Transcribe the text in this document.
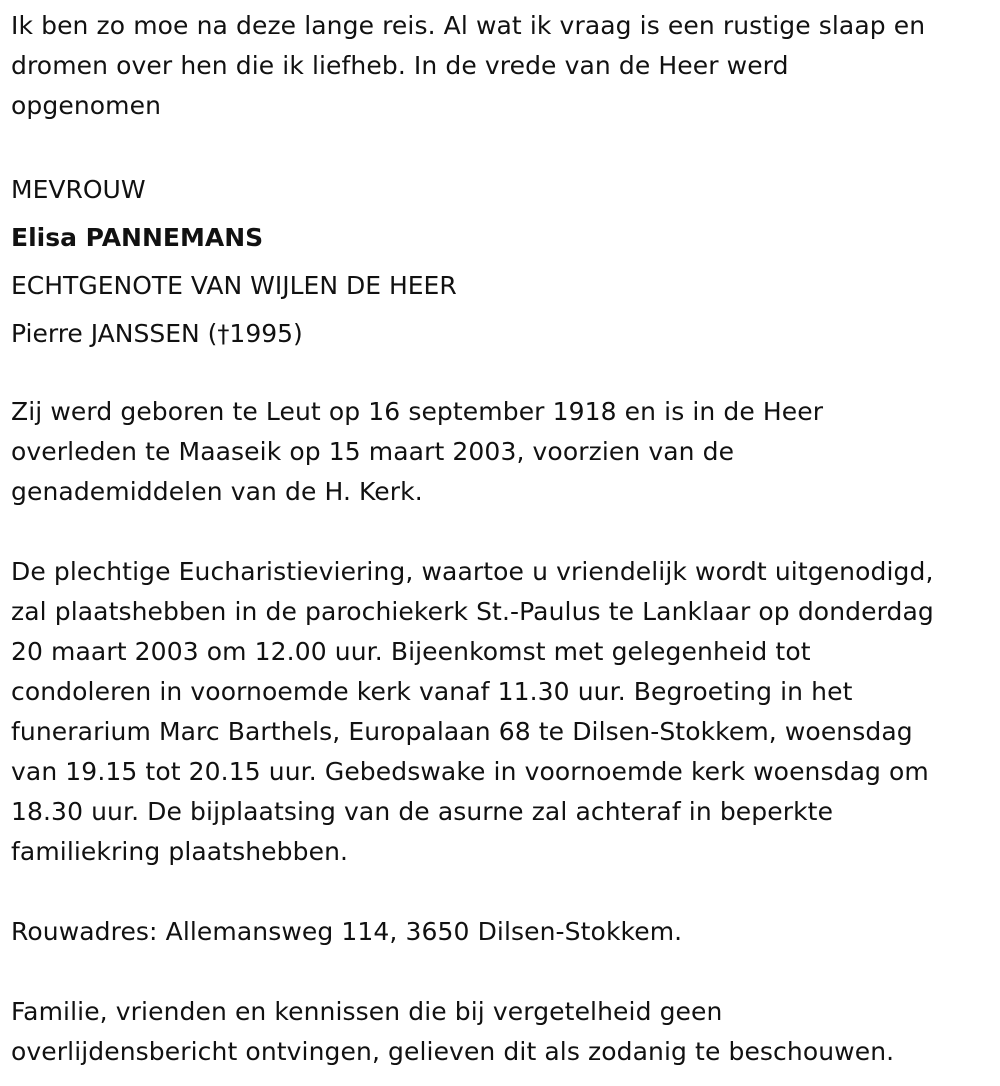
Ik ben zo moe na deze lange reis. Al wat ik vraag is een rustige slaap en
dromen over hen die ik liefheb. In de vrede van de Heer werd
opgenomen

MEVROUW

Elisa PANNEMANS

ECHTGENOTE VAN WIJLEN DE HEER

Pierre JANSSEN (†1995)

Zij werd geboren te Leut op 16 september 1918 en is in de Heer
overleden te Maaseik op 15 maart 2003, voorzien van de
genademiddelen van de H. Kerk.

De plechtige Eucharistieviering, waartoe u vriendelijk wordt uitgenodigd,
zal plaatshebben in de parochiekerk St.-Paulus te Lanklaar op donderdag
20 maart 2003 om 12.00 uur. Bijeenkomst met gelegenheid tot
condoleren in voornoemde kerk vanaf 11.30 uur. Begroeting in het
funerarium Marc Barthels, Europalaan 68 te Dilsen-Stokkem, woensdag
van 19.15 tot 20.15 uur. Gebedswake in voornoemde kerk woensdag om
18.30 uur. De bijplaatsing van de asurne zal achteraf in beperkte
familiekring plaatshebben.

Rouwadres: Allemansweg 114, 3650 Dilsen-Stokkem.

Familie, vrienden en kennissen die bij vergetelheid geen
overlijdensbericht ontvingen, gelieven dit als zodanig te beschouwen.
